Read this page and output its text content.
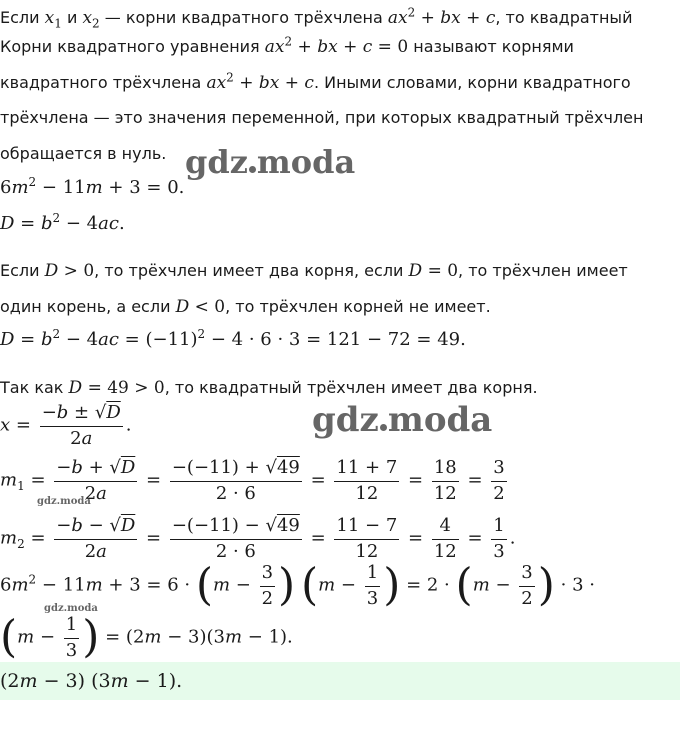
Если $x_1$ и $x_2$ — корни квадратного трёхчлена $ax^2$ + bx + c, то квадратный
Корни квадратного уравнения $ax^2$ + bx + c = 0 называют корнями
квадратного трёхчлена $ax^2$ + bx + c. Иными словами, корни квадратного
трёхчлена — это значения переменной, при которых квадратный трёхчлен
обращается в нуль. gdz moda
$6m^2 - 11m + 3 = 0$.
$D = b^2 - 4ac$.
Если D > 0, то трёхчлен имеет два корня, если D = 0, то трёхчлен имеет
один корень, а если D < 0, то трёхчлен корней не имеет.
$D = b^2 - 4ac = (-11)^2 - 4 \cdot 6 \cdot 3 = 121 - 72 = 49$.
Так как D = 49 > 0, то квадратный трёхчлен имеет два корня.
gdz moda
$x = \frac{-b \pm √D}{2a}$ .
$m_1 = \frac{-b + √D}{2a} = \frac{-(-11) + √49}{2 \cdot 6} = \frac{11 + 7}{12} = \frac{18}{12} = \frac{3}{2}$
gdz.moda
$m_2 = \frac{-b - √D}{2a} = \frac{-(-11) - √49}{2 \cdot 6} = \frac{11 - 7}{12} = \frac{4}{12} = \frac{1}{3}$ .
$6m^2 - 11m + 3 = 6 \cdot (m - \frac{3}{2}$ ) ($m - \frac{1}{3}$ ) = $2 \cdot (m - \frac{3}{2}$ ) · 3 ·
gdz.moda
($m - \frac{1}{3}$ ) = (2m − 3)(3m − 1).
(2m − 3) (3m − 1).
